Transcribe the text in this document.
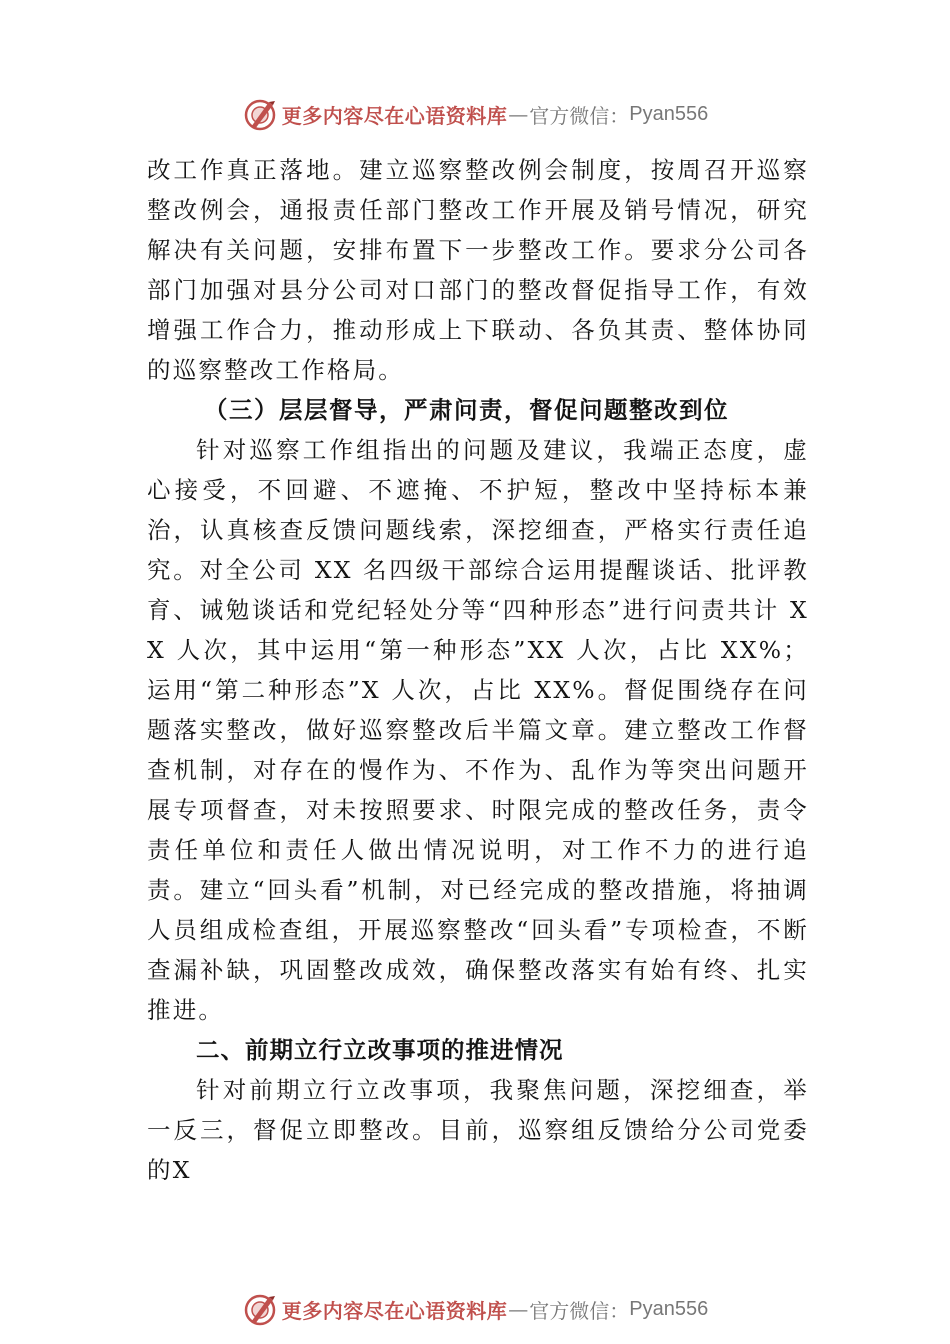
更多内容尽在心语资料库 — 官方微信： Pyan556

改工作真正落地。建立巡察整改例会制度，按周召开巡察整改例会，通报责任部门整改工作开展及销号情况，研究解决有关问题，安排布置下一步整改工作。要求分公司各部门加强对县分公司对口部门的整改督促指导工作，有效增强工作合力，推动形成上下联动、各负其责、整体协同的巡察整改工作格局。

（三）层层督导，严肃问责，督促问题整改到位

针对巡察工作组指出的问题及建议，我端正态度，虚心接受，不回避、不遮掩、不护短，整改中坚持标本兼治，认真核查反馈问题线索，深挖细查，严格实行责任追究。对全公司 XX 名四级干部综合运用提醒谈话、批评教育、诫勉谈话和党纪轻处分等“四种形态”进行问责共计 XX 人次，其中运用“第一种形态”XX 人次，占比 XX%；运用“第二种形态”X 人次，占比 XX%。督促围绕存在问题落实整改，做好巡察整改后半篇文章。建立整改工作督查机制，对存在的慢作为、不作为、乱作为等突出问题开展专项督查，对未按照要求、时限完成的整改任务，责令责任单位和责任人做出情况说明，对工作不力的进行追责。建立“回头看”机制，对已经完成的整改措施，将抽调人员组成检查组，开展巡察整改“回头看”专项检查，不断查漏补缺，巩固整改成效，确保整改落实有始有终、扎实推进。

二、前期立行立改事项的推进情况

针对前期立行立改事项，我聚焦问题，深挖细查，举一反三，督促立即整改。目前，巡察组反馈给分公司党委的X

更多内容尽在心语资料库 — 官方微信： Pyan556
